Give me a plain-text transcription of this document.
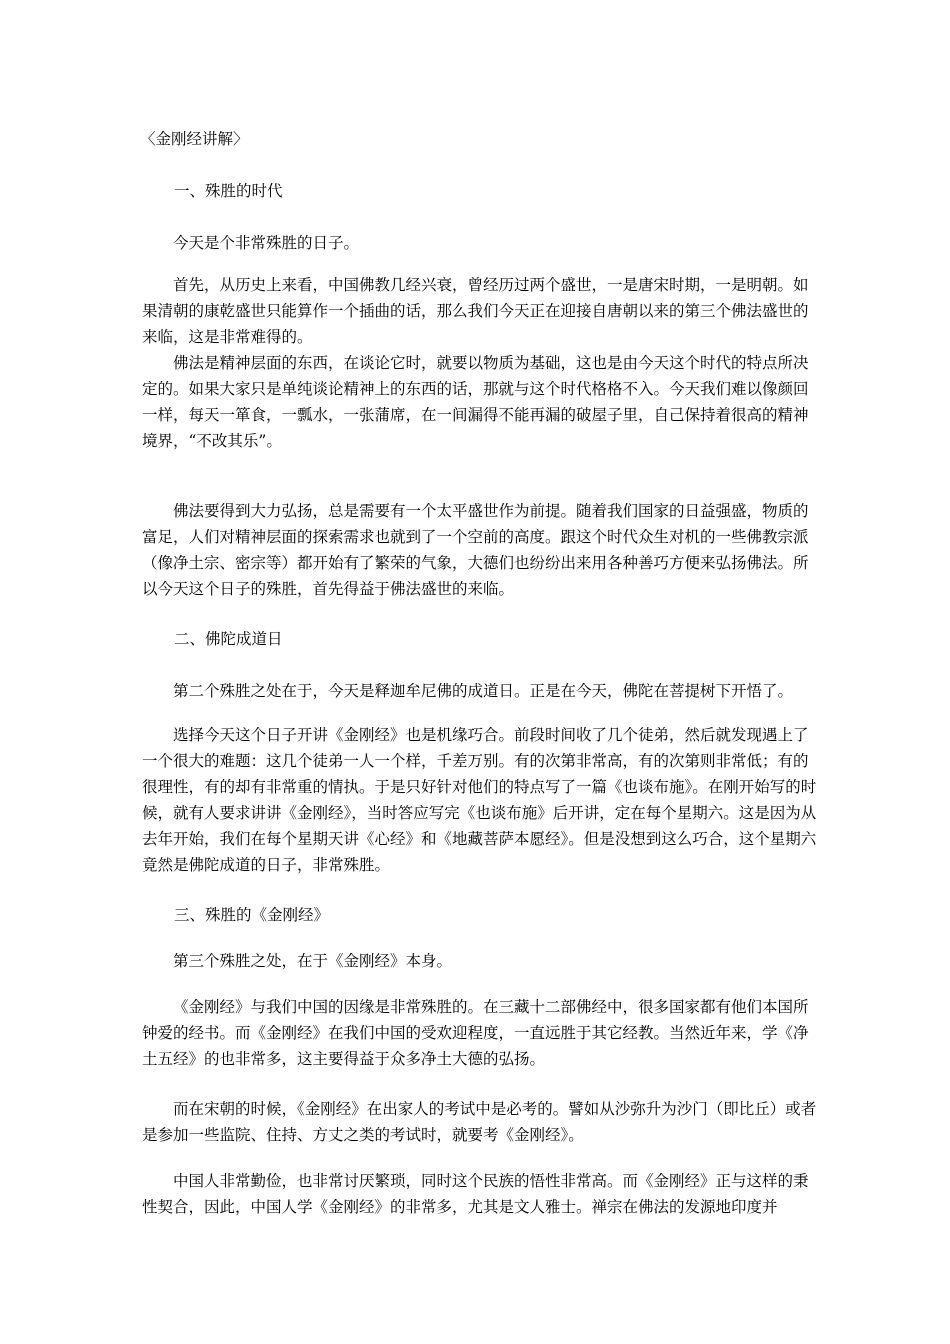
〈金刚经讲解〉

一、殊胜的时代

今天是个非常殊胜的日子。

首先，从历史上来看，中国佛教几经兴衰，曾经历过两个盛世，一是唐宋时期，一是明朝。如果清朝的康乾盛世只能算作一个插曲的话，那么我们今天正在迎接自唐朝以来的第三个佛法盛世的来临，这是非常难得的。

佛法是精神层面的东西，在谈论它时，就要以物质为基础，这也是由今天这个时代的特点所决定的。如果大家只是单纯谈论精神上的东西的话，那就与这个时代格格不入。今天我们难以像颜回一样，每天一箪食，一瓢水，一张蒲席，在一间漏得不能再漏的破屋子里，自己保持着很高的精神境界，“不改其乐”。

佛法要得到大力弘扬，总是需要有一个太平盛世作为前提。随着我们国家的日益强盛，物质的富足，人们对精神层面的探索需求也就到了一个空前的高度。跟这个时代众生对机的一些佛教宗派（像净土宗、密宗等）都开始有了繁荣的气象，大德们也纷纷出来用各种善巧方便来弘扬佛法。所以今天这个日子的殊胜，首先得益于佛法盛世的来临。

二、佛陀成道日

第二个殊胜之处在于，今天是释迦牟尼佛的成道日。正是在今天，佛陀在菩提树下开悟了。

选择今天这个日子开讲《金刚经》也是机缘巧合。前段时间收了几个徒弟，然后就发现遇上了一个很大的难题：这几个徒弟一人一个样，千差万别。有的次第非常高，有的次第则非常低；有的很理性，有的却有非常重的情执。于是只好针对他们的特点写了一篇《也谈布施》。在刚开始写的时候，就有人要求讲讲《金刚经》，当时答应写完《也谈布施》后开讲，定在每个星期六。这是因为从去年开始，我们在每个星期天讲《心经》和《地藏菩萨本愿经》。但是没想到这么巧合，这个星期六竟然是佛陀成道的日子，非常殊胜。

三、殊胜的《金刚经》

第三个殊胜之处，在于《金刚经》本身。

《金刚经》与我们中国的因缘是非常殊胜的。在三藏十二部佛经中，很多国家都有他们本国所钟爱的经书。而《金刚经》在我们中国的受欢迎程度，一直远胜于其它经教。当然近年来，学《净土五经》的也非常多，这主要得益于众多净土大德的弘扬。

而在宋朝的时候，《金刚经》在出家人的考试中是必考的。譬如从沙弥升为沙门（即比丘）或者是参加一些监院、住持、方丈之类的考试时，就要考《金刚经》。

中国人非常勤俭，也非常讨厌繁琐，同时这个民族的悟性非常高。而《金刚经》正与这样的秉性契合，因此，中国人学《金刚经》的非常多，尤其是文人雅士。禅宗在佛法的发源地印度并
